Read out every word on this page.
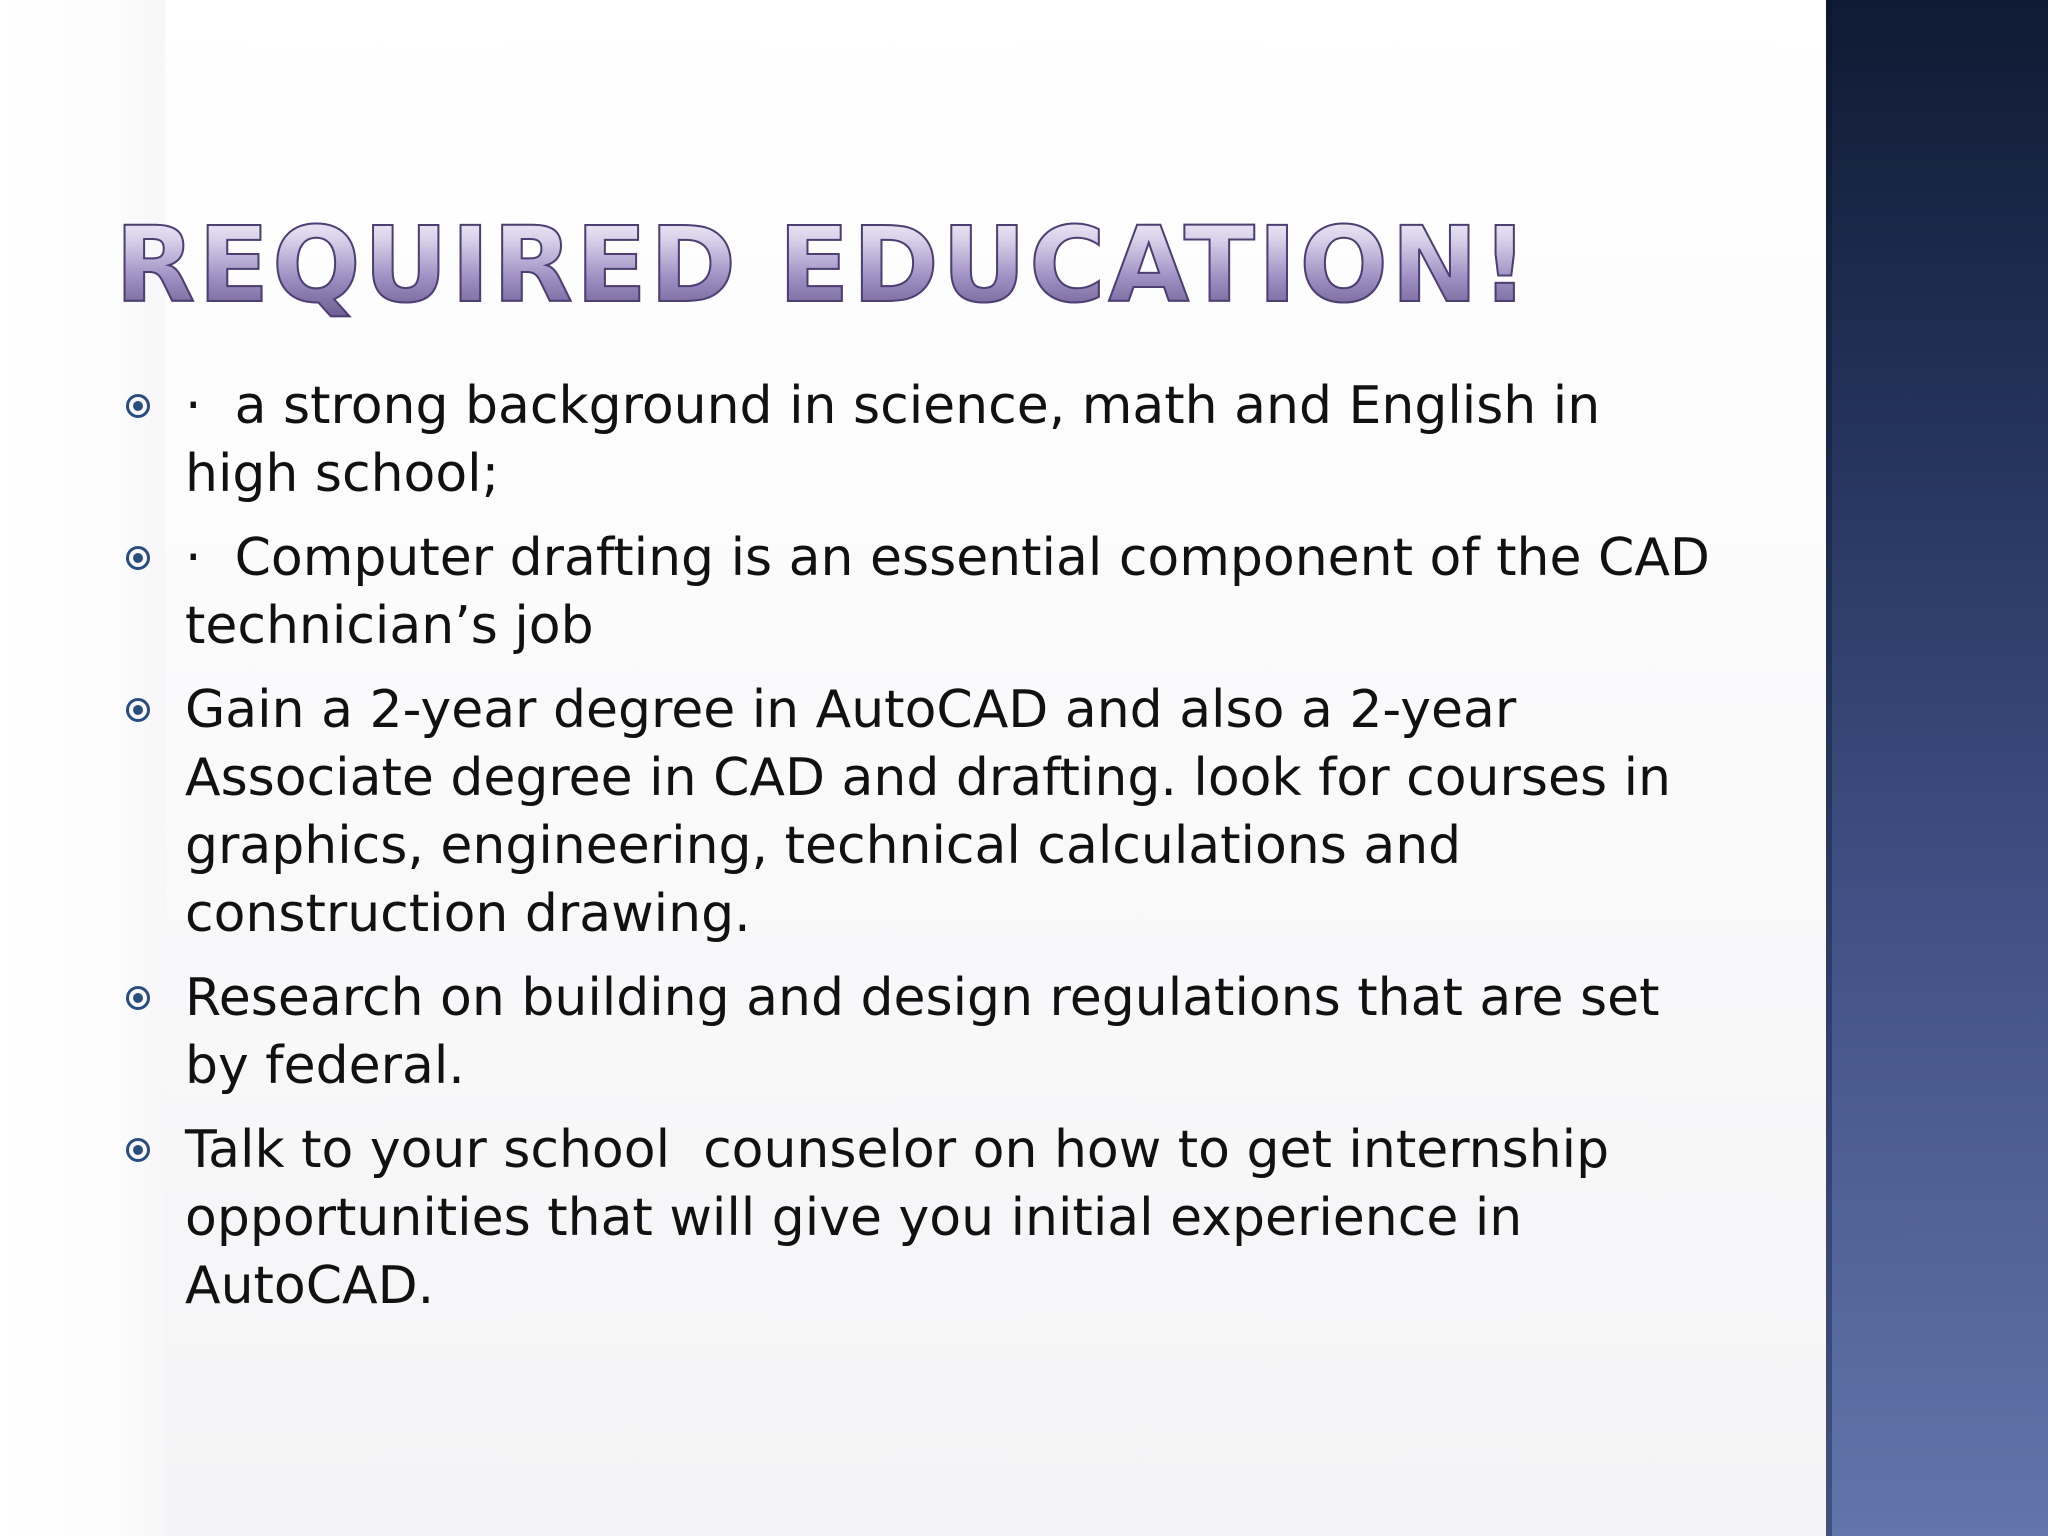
REQUIRED EDUCATION!
·  a strong background in science, math and English in high school;
·  Computer drafting is an essential component of the CAD technician’s job
Gain a 2-year degree in AutoCAD and also a 2-year Associate degree in CAD and drafting. look for courses in graphics, engineering, technical calculations and construction drawing.
Research on building and design regulations that are set by federal.
Talk to your school  counselor on how to get internship opportunities that will give you initial experience in AutoCAD.
